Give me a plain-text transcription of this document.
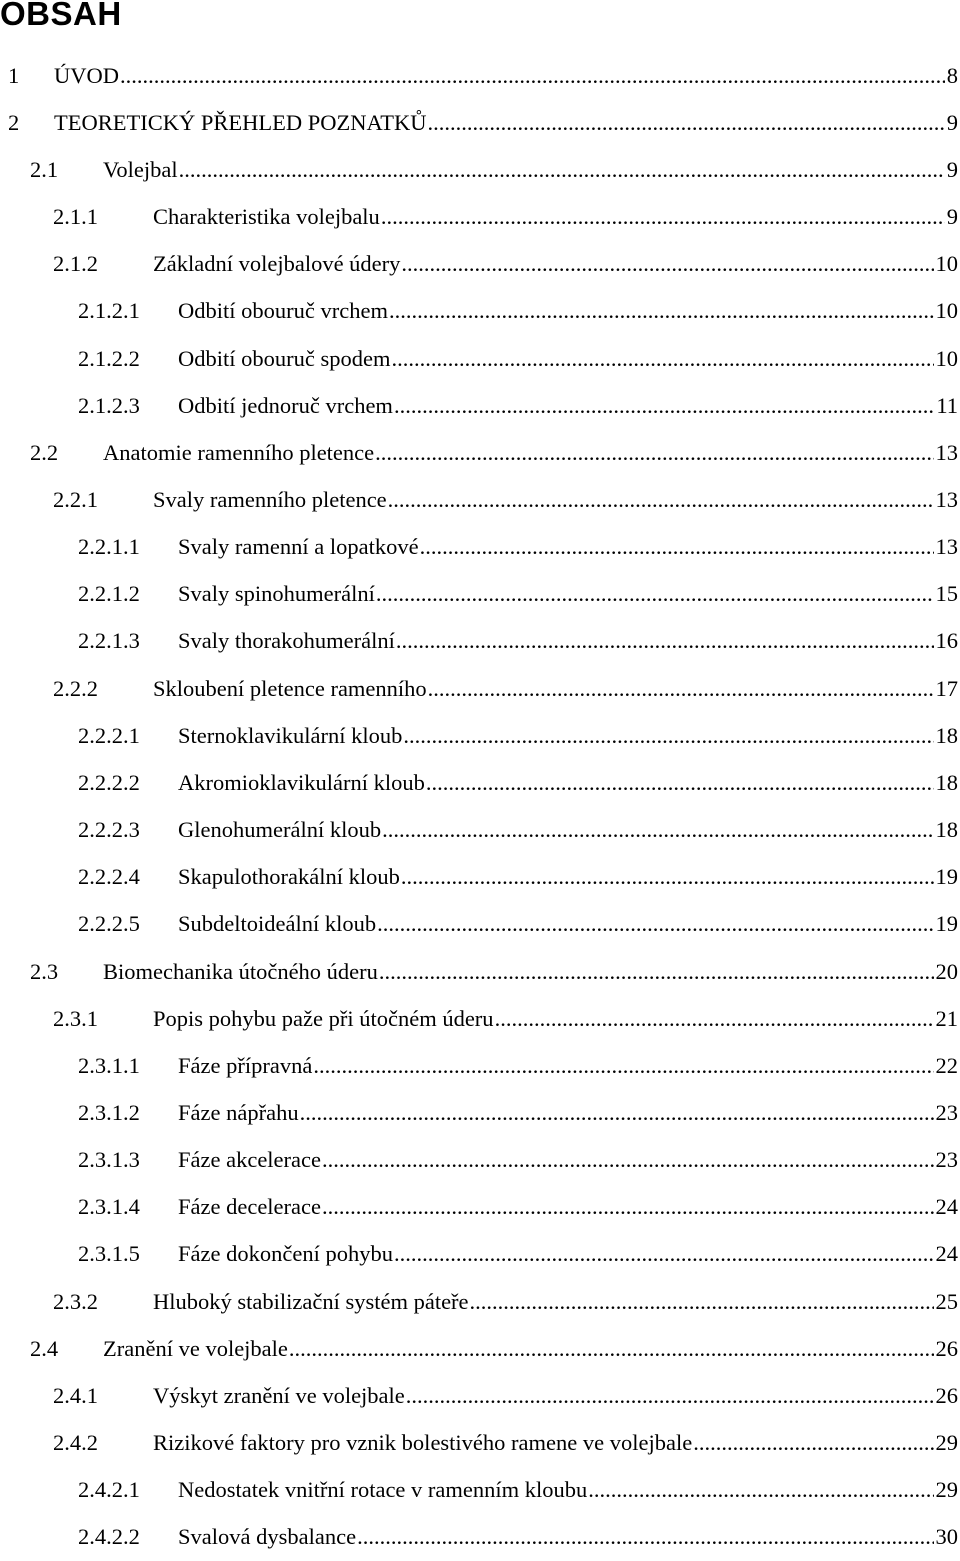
OBSAH
1 ÚVOD .....	8
2 TEORETICKÝ PŘEHLED POZNATKŮ .....	9
2.1 Volejbal .....	9
2.1.1 Charakteristika volejbalu .....	9
2.1.2 Základní volejbalové údery .....	10
2.1.2.1 Odbití obouruč vrchem .....	10
2.1.2.2 Odbití obouruč spodem .....	10
2.1.2.3 Odbití jednoruč vrchem .....	11
2.2 Anatomie ramenního pletence .....	13
2.2.1 Svaly ramenního pletence .....	13
2.2.1.1 Svaly ramenní a lopatkové .....	13
2.2.1.2 Svaly spinohumerální .....	15
2.2.1.3 Svaly thorakohumerální .....	16
2.2.2 Skloubení pletence ramenního .....	17
2.2.2.1 Sternoklavikulární kloub .....	18
2.2.2.2 Akromioklavikulární kloub .....	18
2.2.2.3 Glenohumerální kloub .....	18
2.2.2.4 Skapulothorakální kloub .....	19
2.2.2.5 Subdeltoideální kloub .....	19
2.3 Biomechanika útočného úderu .....	20
2.3.1 Popis pohybu paže při útočném úderu .....	21
2.3.1.1 Fáze přípravná .....	22
2.3.1.2 Fáze nápřahu .....	23
2.3.1.3 Fáze akcelerace .....	23
2.3.1.4 Fáze decelerace .....	24
2.3.1.5 Fáze dokončení pohybu .....	24
2.3.2 Hluboký stabilizační systém páteře .....	25
2.4 Zranění ve volejbale .....	26
2.4.1 Výskyt zranění ve volejbale .....	26
2.4.2 Rizikové faktory pro vznik bolestivého ramene ve volejbale .....	29
2.4.2.1 Nedostatek vnitřní rotace v ramenním kloubu .....	29
2.4.2.2 Svalová dysbalance .....	30
